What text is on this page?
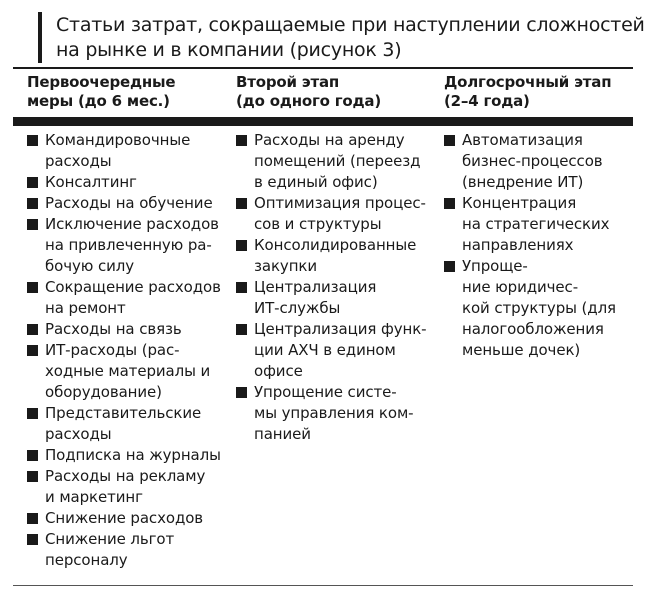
Статьи затрат, сокращаемые при наступлении сложностей
на рынке и в компании (рисунок 3)
Первоочередные
меры (до 6 мес.)
Второй этап
(до одного года)
Долгосрочный этап
(2–4 года)
Командировочные
расходы
Консалтинг
Расходы на обучение
Исключение расходов
на привлеченную ра-
бочую силу
Сокращение расходов
на ремонт
Расходы на связь
ИТ-расходы (рас-
ходные материалы и
оборудование)
Представительские
расходы
Подписка на журналы
Расходы на рекламу
и маркетинг
Снижение расходов
Снижение льгот
персоналу
Расходы на аренду
помещений (переезд
в единый офис)
Оптимизация процес-
сов и структуры
Консолидированные
закупки
Централизация
ИТ-службы
Централизация функ-
ции АХЧ в едином
офисе
Упрощение систе-
мы управления ком-
панией
Автоматизация
бизнес-процессов
(внедрение ИТ)
Концентрация
на стратегических
направлениях
Упроще-
ние юридичес-
кой структуры (для
налогообложения
меньше дочек)
